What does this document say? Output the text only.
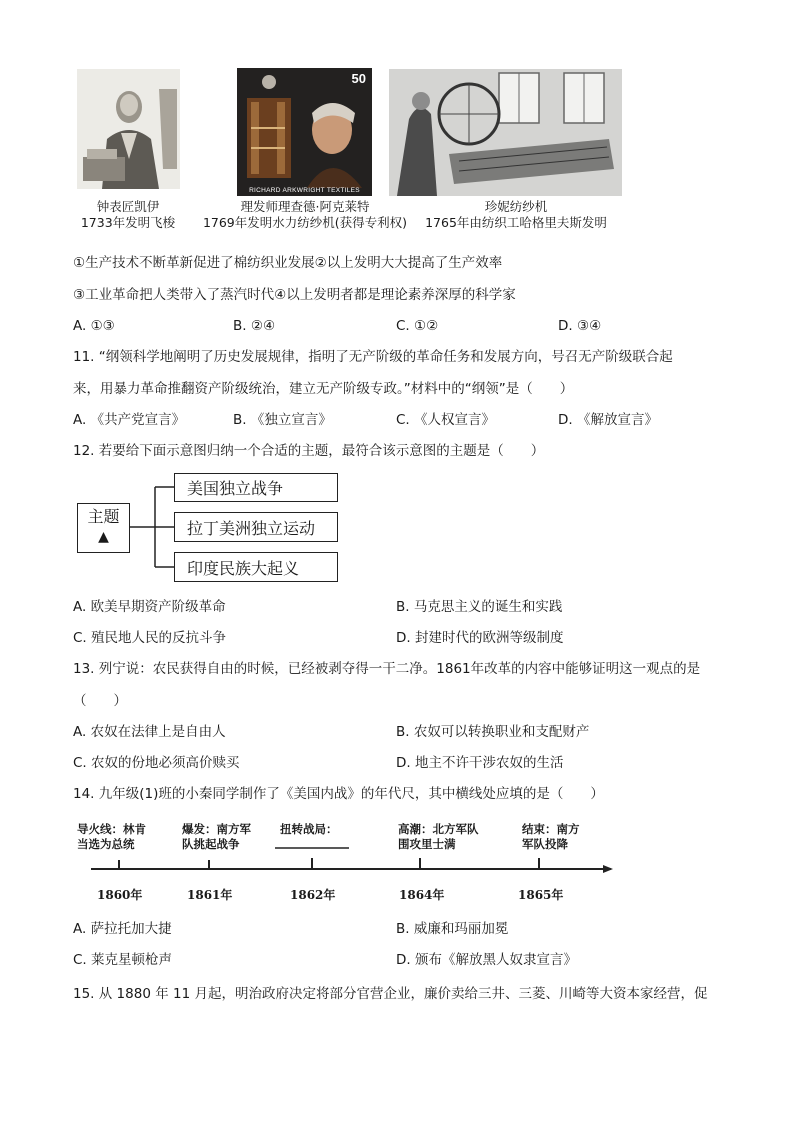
50
RICHARD ARKWRIGHT TEXTILES
钟表匠凯伊
1733年发明飞梭
理发师理查德·阿克莱特
1769年发明水力纺纱机(获得专利权)
珍妮纺纱机
1765年由纺织工哈格里夫斯发明
①生产技术不断革新促进了棉纺织业发展②以上发明大大提高了生产效率
③工业革命把人类带入了蒸汽时代④以上发明者都是理论素养深厚的科学家
A. ①③	B. ②④	C. ①②	D. ③④
11. “纲领科学地阐明了历史发展规律，指明了无产阶级的革命任务和发展方向，号召无产阶级联合起
来，用暴力革命推翻资产阶级统治，建立无产阶级专政。”材料中的“纲领”是（　　）
A. 《共产党宣言》	B. 《独立宣言》	C. 《人权宣言》	D. 《解放宣言》
12. 若要给下面示意图归纳一个合适的主题，最符合该示意图的主题是（　　）
主题
▲
美国独立战争
拉丁美洲独立运动
印度民族大起义
A. 欧美早期资产阶级革命	B. 马克思主义的诞生和实践
C. 殖民地人民的反抗斗争	D. 封建时代的欧洲等级制度
13. 列宁说：农民获得自由的时候，已经被剥夺得一干二净。1861年改革的内容中能够证明这一观点的是
（　　）
A. 农奴在法律上是自由人	B. 农奴可以转换职业和支配财产
C. 农奴的份地必须高价赎买	D. 地主不许干涉农奴的生活
14. 九年级(1)班的小秦同学制作了《美国内战》的年代尺，其中横线处应填的是（　　）
导火线：林肯
当选为总统
爆发：南方军
队挑起战争
扭转战局：	高潮：北方军队
围攻里士满
结束：南方
军队投降
1860年	1861年	1862年	1864年	1865年
A. 萨拉托加大捷	B. 威廉和玛丽加冕
C. 莱克星顿枪声	D. 颁布《解放黑人奴隶宣言》
15. 从 1880 年 11 月起，明治政府决定将部分官营企业，廉价卖给三井、三菱、川崎等大资本家经营，促
